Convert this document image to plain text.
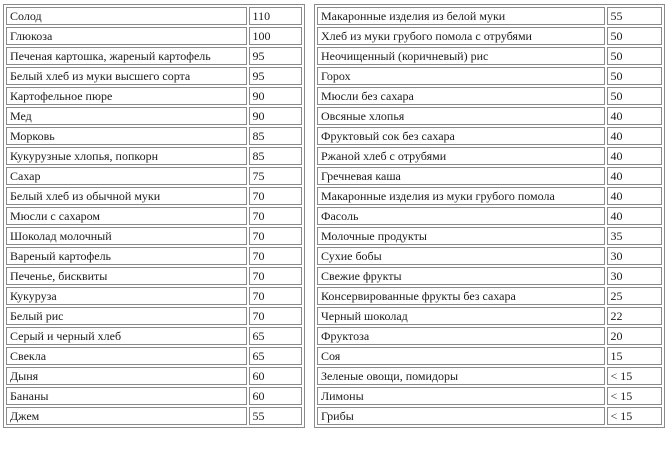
Солод	110
Глюкоза	100
Печеная картошка, жареный картофель	95
Белый хлеб из муки высшего сорта	95
Картофельное пюре	90
Мед	90
Морковь	85
Кукурузные хлопья, попкорн	85
Сахар	75
Белый хлеб из обычной муки	70
Мюсли с сахаром	70
Шоколад молочный	70
Вареный картофель	70
Печенье, бисквиты	70
Кукуруза	70
Белый рис	70
Серый и черный хлеб	65
Свекла	65
Дыня	60
Бананы	60
Джем	55
Макаронные изделия из белой муки	55
Хлеб из муки грубого помола с отрубями	50
Неочищенный (коричневый) рис	50
Горох	50
Мюсли без сахара	50
Овсяные хлопья	40
Фруктовый сок без сахара	40
Ржаной хлеб с отрубями	40
Гречневая каша	40
Макаронные изделия из муки грубого помола	40
Фасоль	40
Молочные продукты	35
Сухие бобы	30
Свежие фрукты	30
Консервированные фрукты без сахара	25
Черный шоколад	22
Фруктоза	20
Соя	15
Зеленые овощи, помидоры	< 15
Лимоны	< 15
Грибы	< 15
